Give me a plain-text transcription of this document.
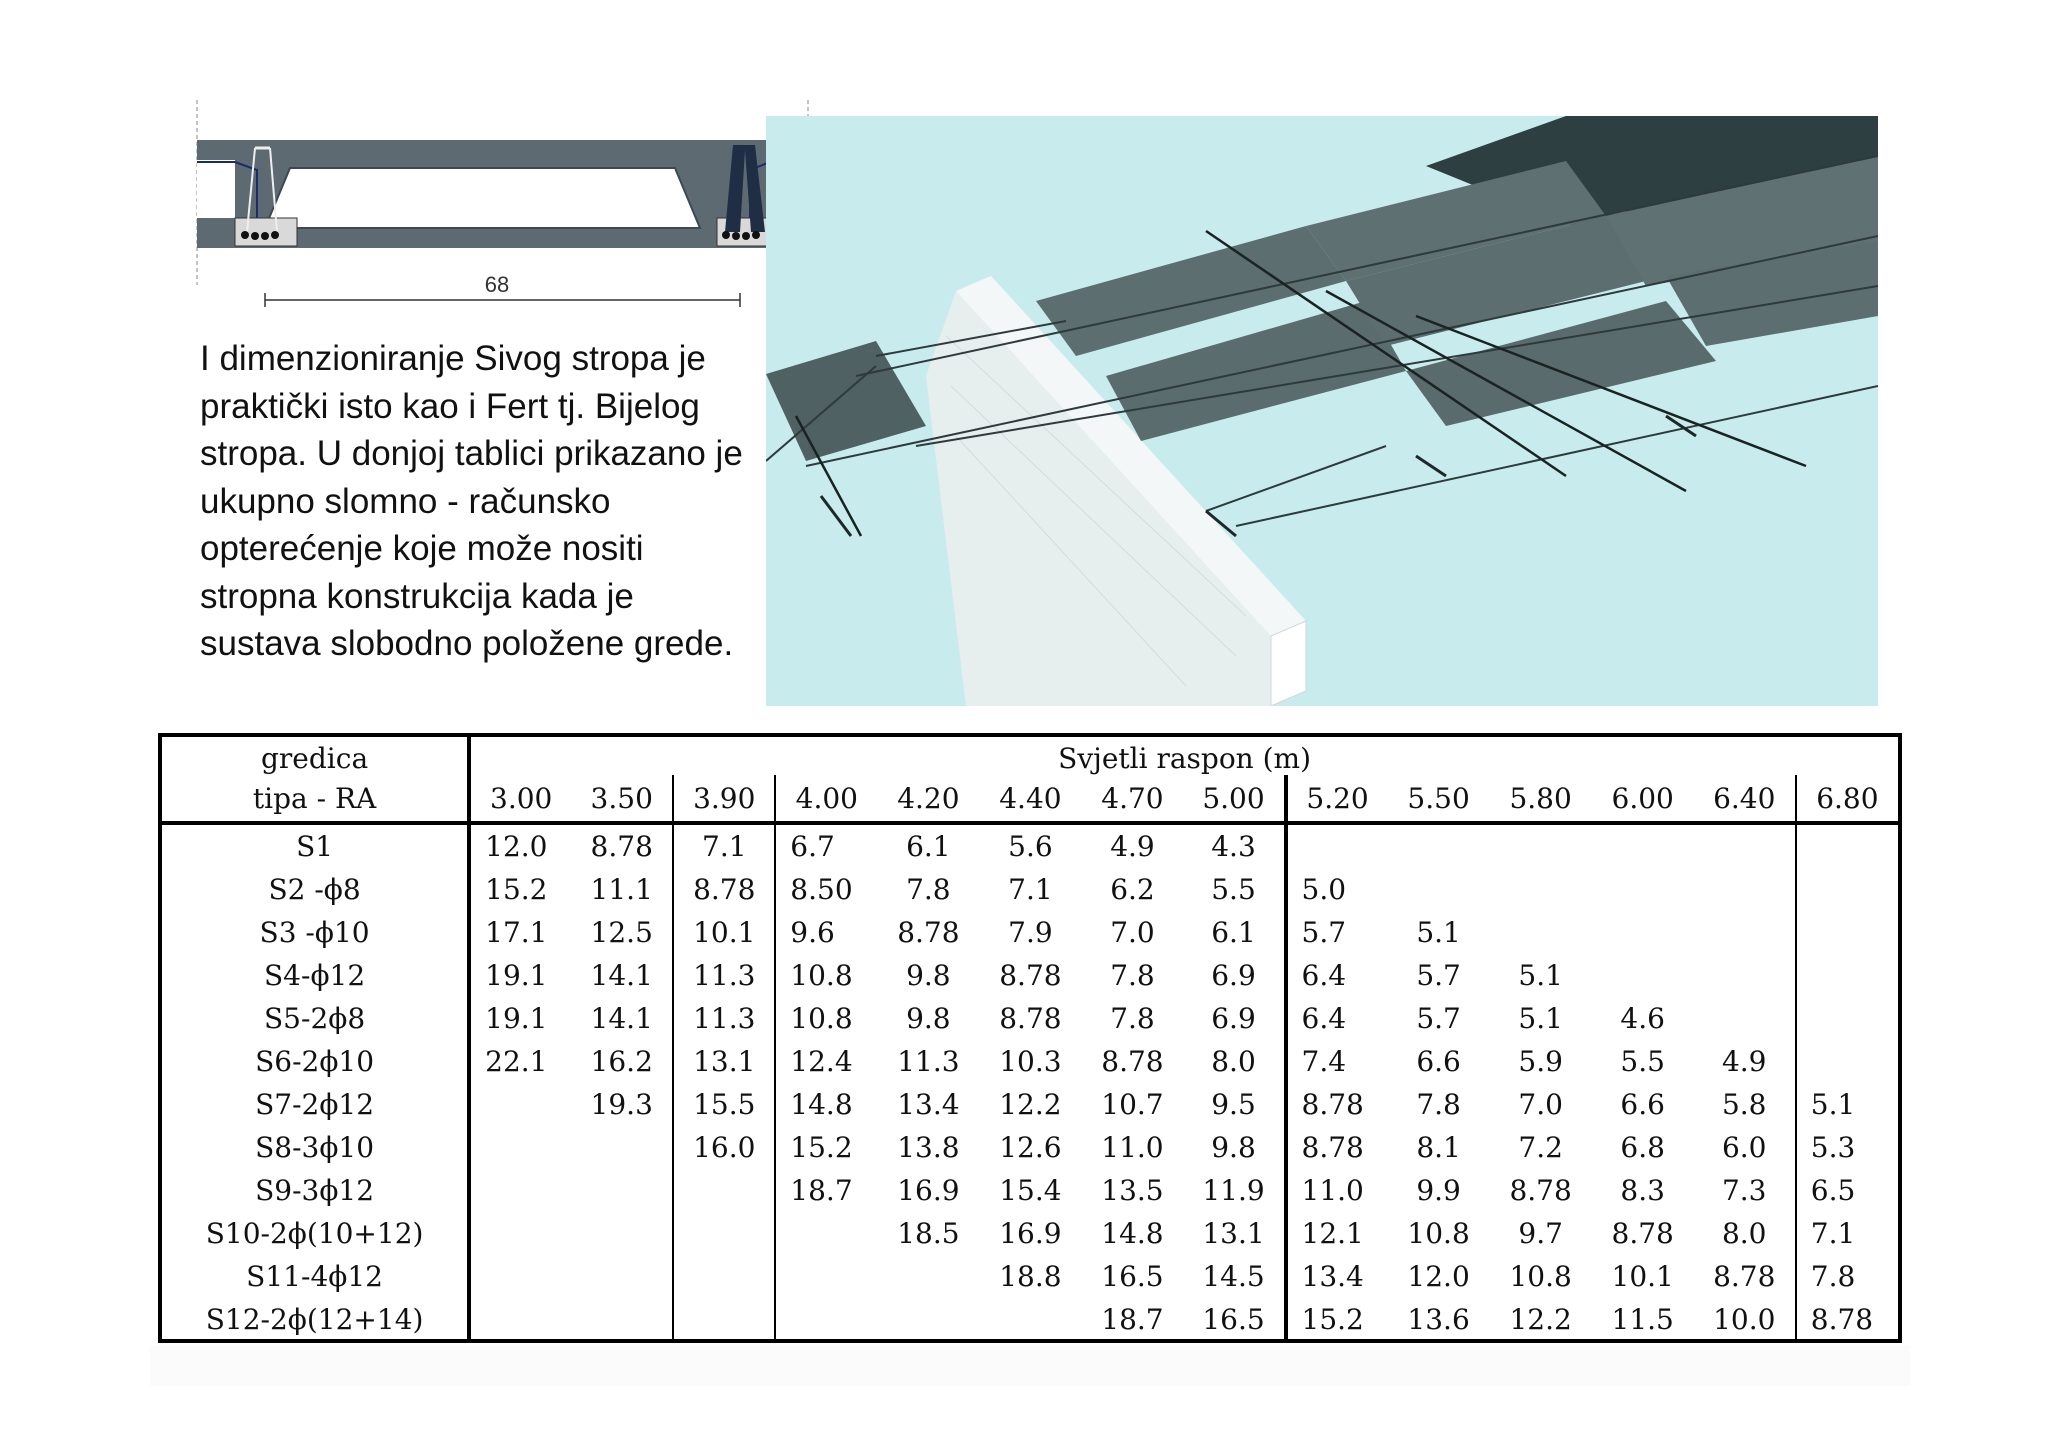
68

I dimenzioniranje Sivog stropa je praktički isto kao i Fert tj. Bijelog stropa. U donjoj tablici prikazano je ukupno slomno - računsko opterećenje koje može nositi stropna konstrukcija kada je sustava slobodno položene grede.

gredica	Svjetli raspon (m)													
tipa - RA	3.00	3.50	3.90	4.00	4.20	4.40	4.70	5.00	5.20	5.50	5.80	6.00	6.40	6.80
S1	12.0	8.78	7.1	6.7	6.1	5.6	4.9	4.3						
S2 -ϕ8	15.2	11.1	8.78	8.50	7.8	7.1	6.2	5.5	5.0					
S3 -ϕ10	17.1	12.5	10.1	9.6	8.78	7.9	7.0	6.1	5.7	5.1				
S4-ϕ12	19.1	14.1	11.3	10.8	9.8	8.78	7.8	6.9	6.4	5.7	5.1			
S5-2ϕ8	19.1	14.1	11.3	10.8	9.8	8.78	7.8	6.9	6.4	5.7	5.1	4.6		
S6-2ϕ10	22.1	16.2	13.1	12.4	11.3	10.3	8.78	8.0	7.4	6.6	5.9	5.5	4.9	
S7-2ϕ12		19.3	15.5	14.8	13.4	12.2	10.7	9.5	8.78	7.8	7.0	6.6	5.8	5.1
S8-3ϕ10			16.0	15.2	13.8	12.6	11.0	9.8	8.78	8.1	7.2	6.8	6.0	5.3
S9-3ϕ12				18.7	16.9	15.4	13.5	11.9	11.0	9.9	8.78	8.3	7.3	6.5
S10-2ϕ(10+12)					18.5	16.9	14.8	13.1	12.1	10.8	9.7	8.78	8.0	7.1
S11-4ϕ12						18.8	16.5	14.5	13.4	12.0	10.8	10.1	8.78	7.8
S12-2ϕ(12+14)							18.7	16.5	15.2	13.6	12.2	11.5	10.0	8.78
